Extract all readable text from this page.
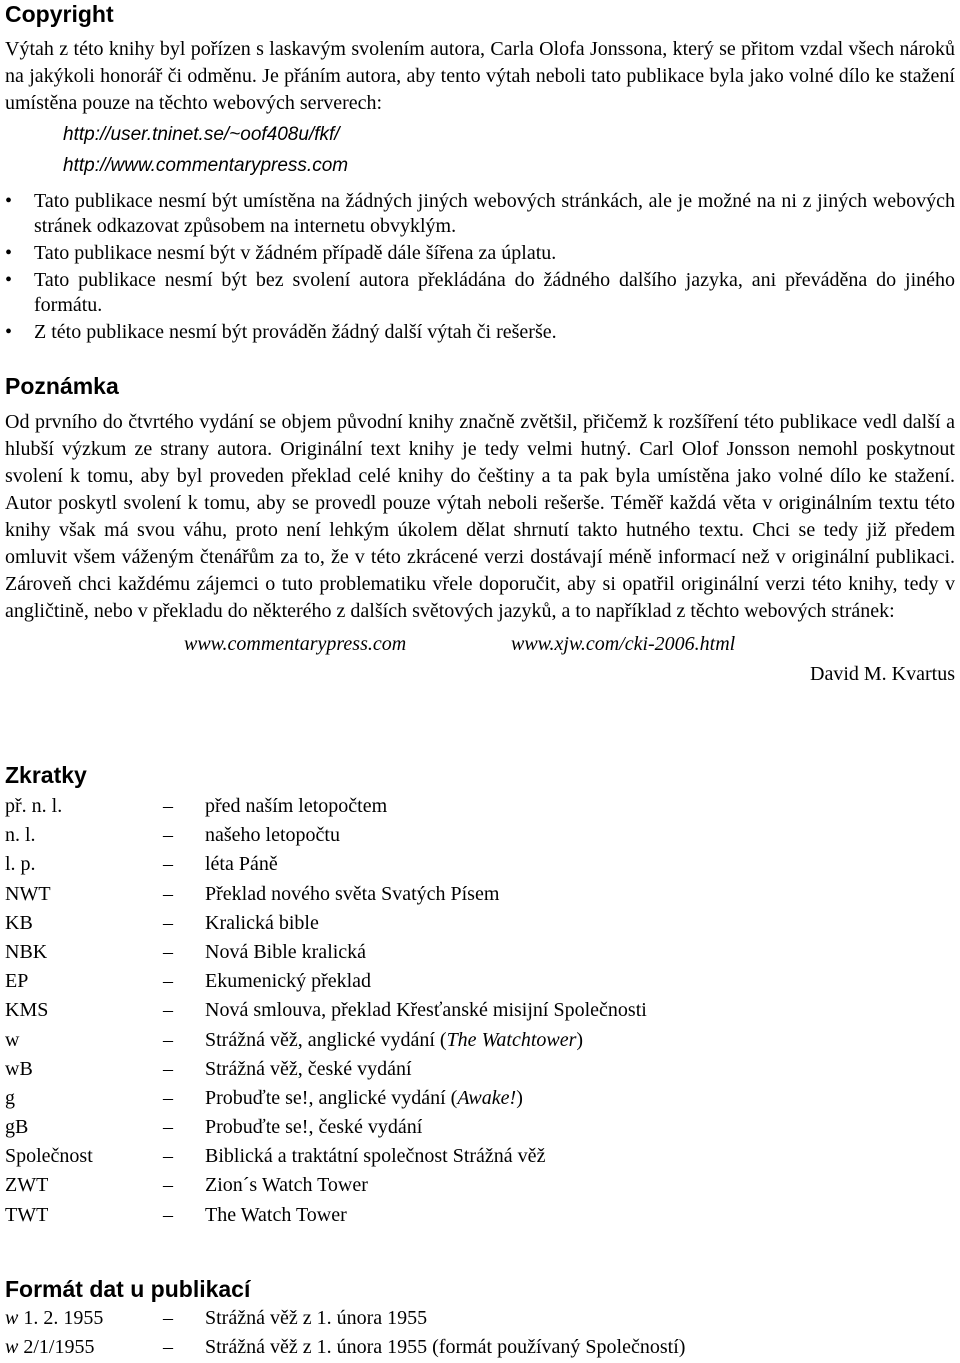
Copyright

Výtah z této knihy byl pořízen s laskavým svolením autora, Carla Olofa Jonssona, který se přitom vzdal všech nároků na jakýkoli honorář či odměnu. Je přáním autora, aby tento výtah neboli tato publikace byla jako volné dílo ke stažení umístěna pouze na těchto webových serverech:

http://user.tninet.se/~oof408u/fkf/
http://www.commentarypress.com
• Tato publikace nesmí být umístěna na žádných jiných webových stránkách, ale je možné na ni z jiných webových stránek odkazovat způsobem na internetu obvyklým.
• Tato publikace nesmí být v žádném případě dále šířena za úplatu.
• Tato publikace nesmí být bez svolení autora překládána do žádného dalšího jazyka, ani převáděna do jiného formátu.
• Z této publikace nesmí být prováděn žádný další výtah či rešerše.
Poznámka

Od prvního do čtvrtého vydání se objem původní knihy značně zvětšil, přičemž k rozšíření této publikace vedl další a hlubší výzkum ze strany autora. Originální text knihy je tedy velmi hutný. Carl Olof Jonsson nemohl poskytnout svolení k tomu, aby byl proveden překlad celé knihy do češtiny a ta pak byla umístěna jako volné dílo ke stažení. Autor poskytl svolení k tomu, aby se provedl pouze výtah neboli rešerše. Téměř každá věta v originálním textu této knihy však má svou váhu, proto není lehkým úkolem dělat shrnutí takto hutného textu. Chci se tedy již předem omluvit všem váženým čtenářům za to, že v této zkrácené verzi dostávají méně informací než v originální publikaci. Zároveň chci každému zájemci o tuto problematiku vřele doporučit, aby si opatřil originální verzi této knihy, tedy v angličtině, nebo v překladu do některého z dalších světových jazyků, a to například z těchto webových stránek:

www.commentarypress.com	www.xjw.com/cki-2006.html
David M. Kvartus
Zkratky
př. n. l.	– před naším letopočtem
n. l.	– našeho letopočtu
l. p.	– léta Páně
NWT	– Překlad nového světa Svatých Písem
KB	– Kralická bible
NBK	– Nová Bible kralická
EP	– Ekumenický překlad
KMS	– Nová smlouva, překlad Křesťanské misijní Společnosti
w	– Strážná věž, anglické vydání (The Watchtower)
wB	– Strážná věž, české vydání
g	– Probuďte se!, anglické vydání (Awake!)
gB	– Probuďte se!, české vydání
Společnost	– Biblická a traktátní společnost Strážná věž
ZWT	– Zion´s Watch Tower
TWT	– The Watch Tower
Formát dat u publikací
w 1. 2. 1955	– Strážná věž z 1. února 1955
w 2/1/1955	– Strážná věž z 1. února 1955 (formát používaný Společností)
